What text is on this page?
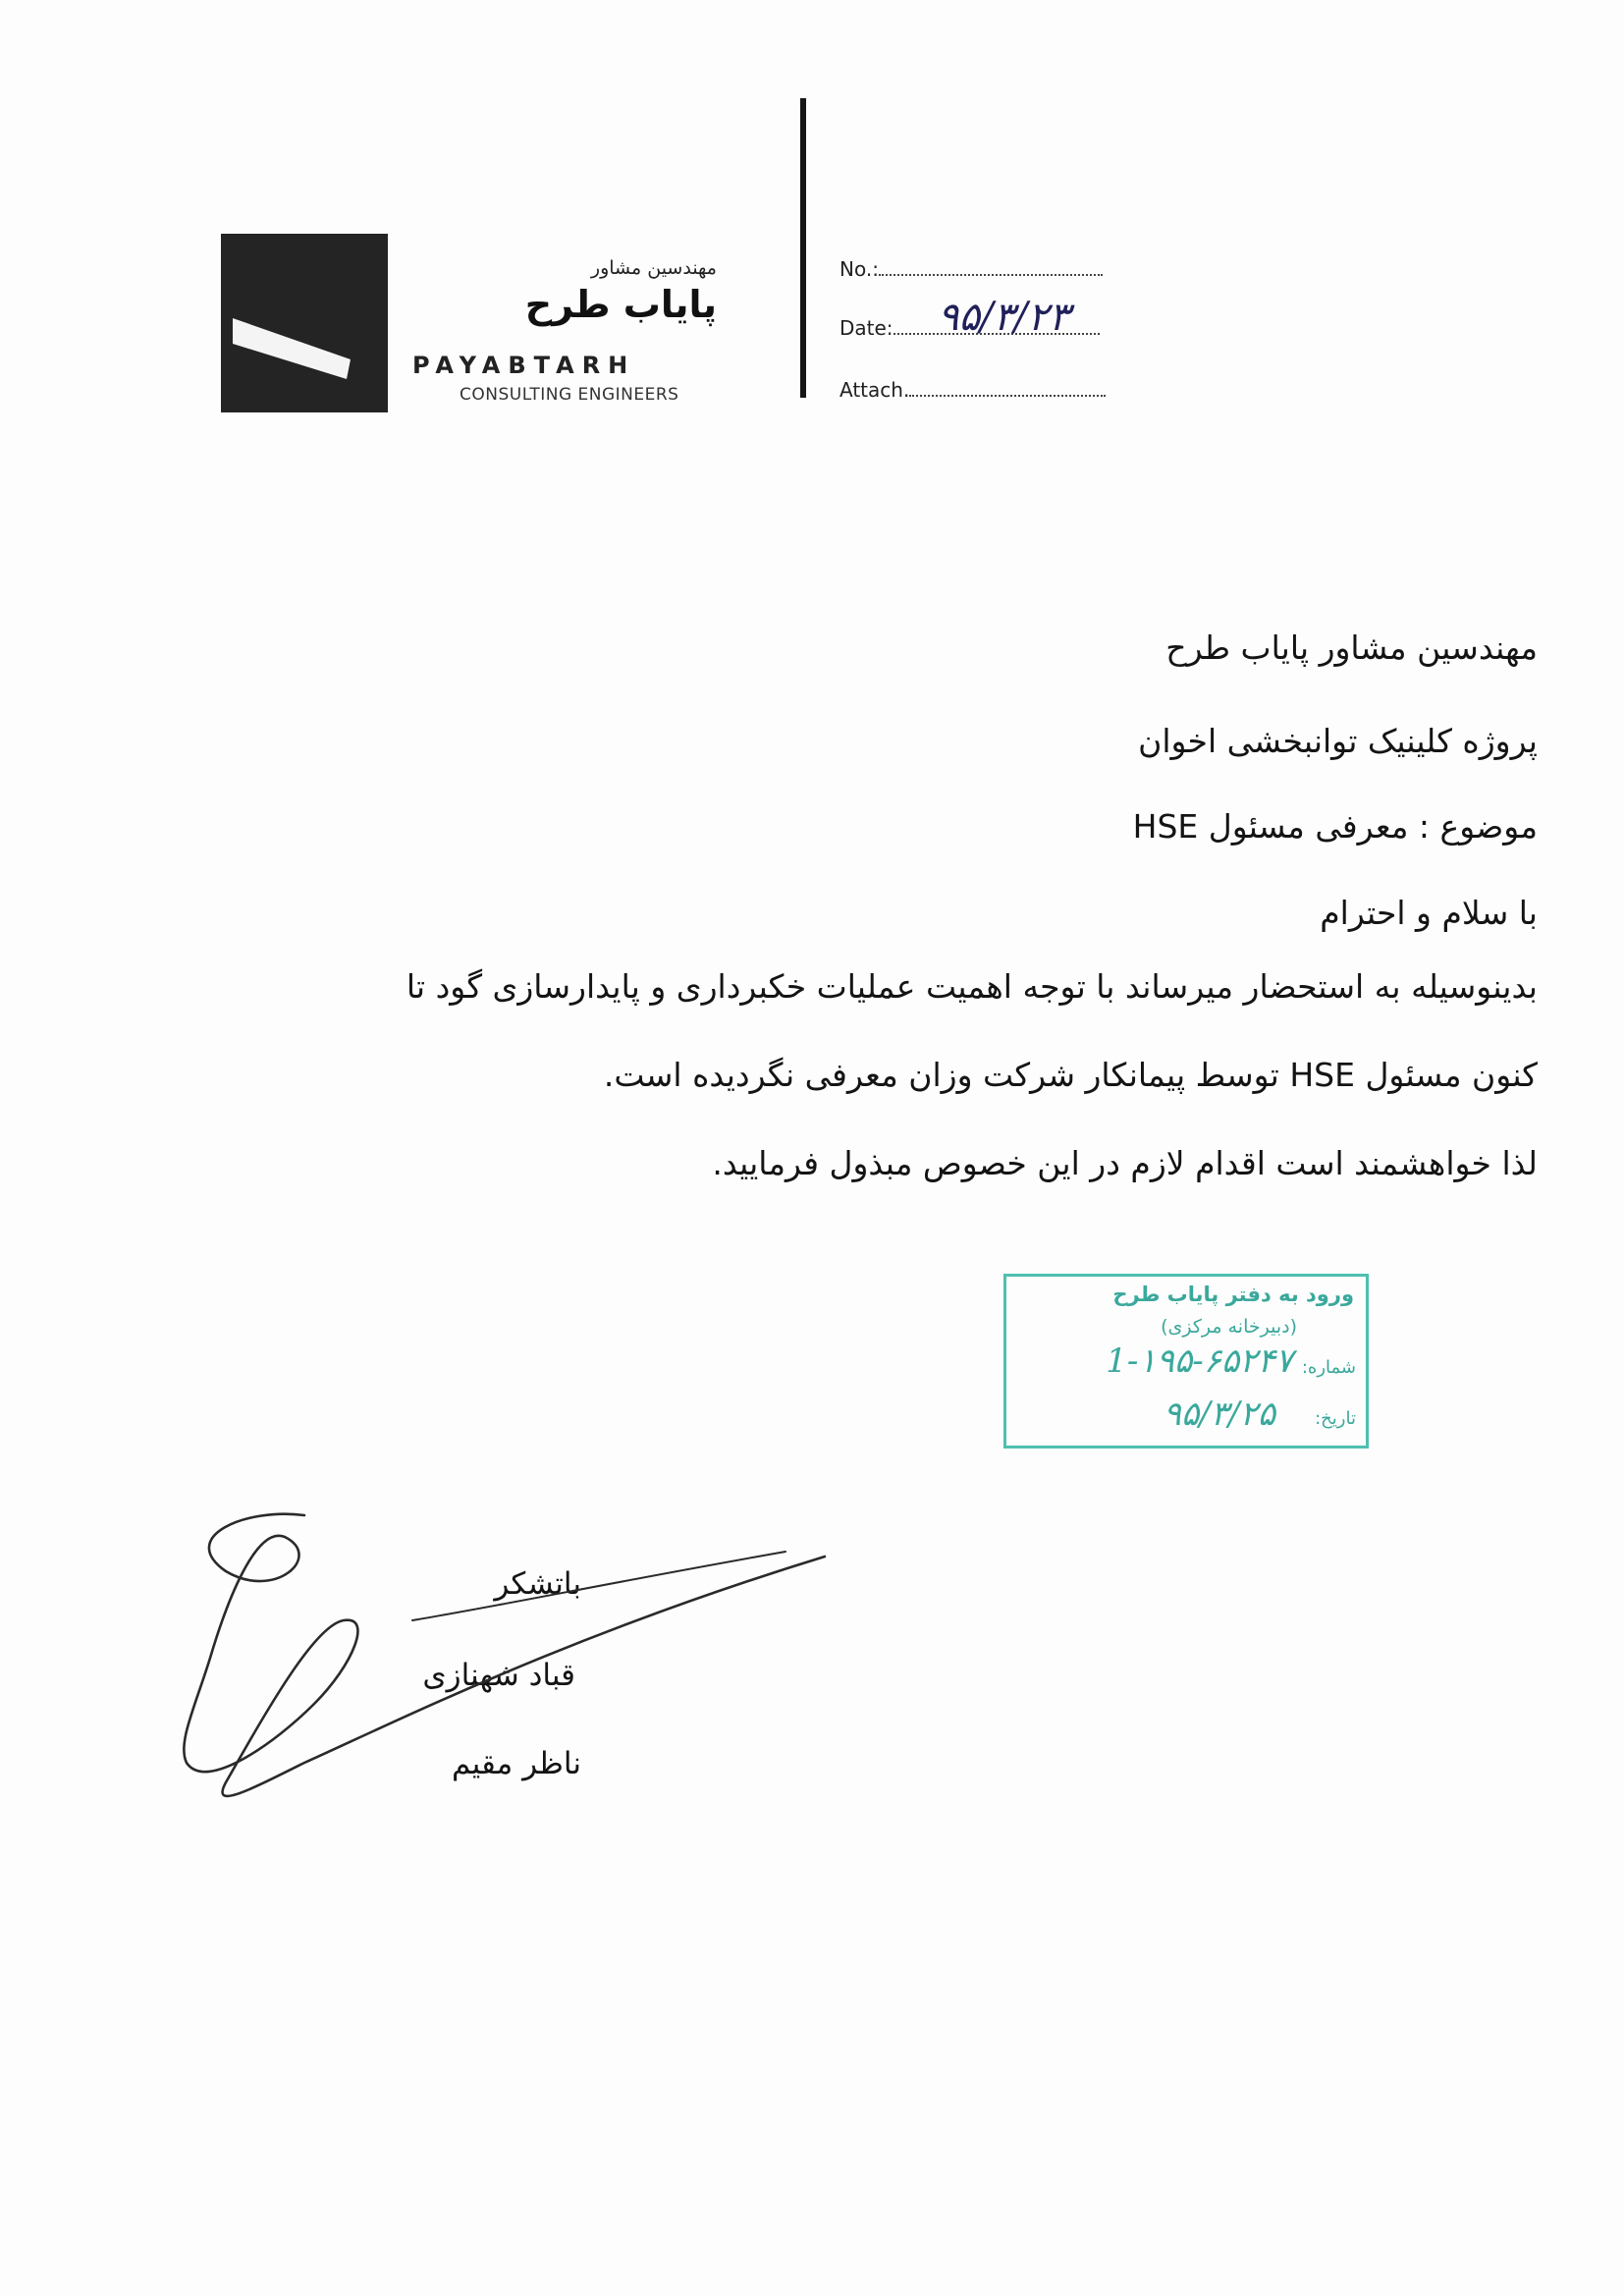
مهندسین مشاور
پایاب طرح
PAYABTARH
CONSULTING ENGINEERS
No.:
Date:	۹۵/۳/۲۳
Attach.
مهندسین مشاور پایاب طرح
پروژه کلینیک توانبخشی اخوان
موضوع : معرفی مسئول HSE
با سلام و احترام
بدینوسیله به استحضار میرساند با توجه اهمیت عملیات خکبرداری و پایدارسازی گود تا
کنون مسئول HSE توسط پیمانکار شرکت وزان معرفی نگردیده است.
لذا خواهشمند است اقدام لازم در این خصوص مبذول فرمایید.
ورود به دفتر پایاب طرح
(دبیرخانه مرکزی)
شماره:
1-۱۹۵-۶۵۲۴۷
تاریخ:
۹۵/۳/۲۵
باتشکر
قباد شهنازی
ناظر مقیم
